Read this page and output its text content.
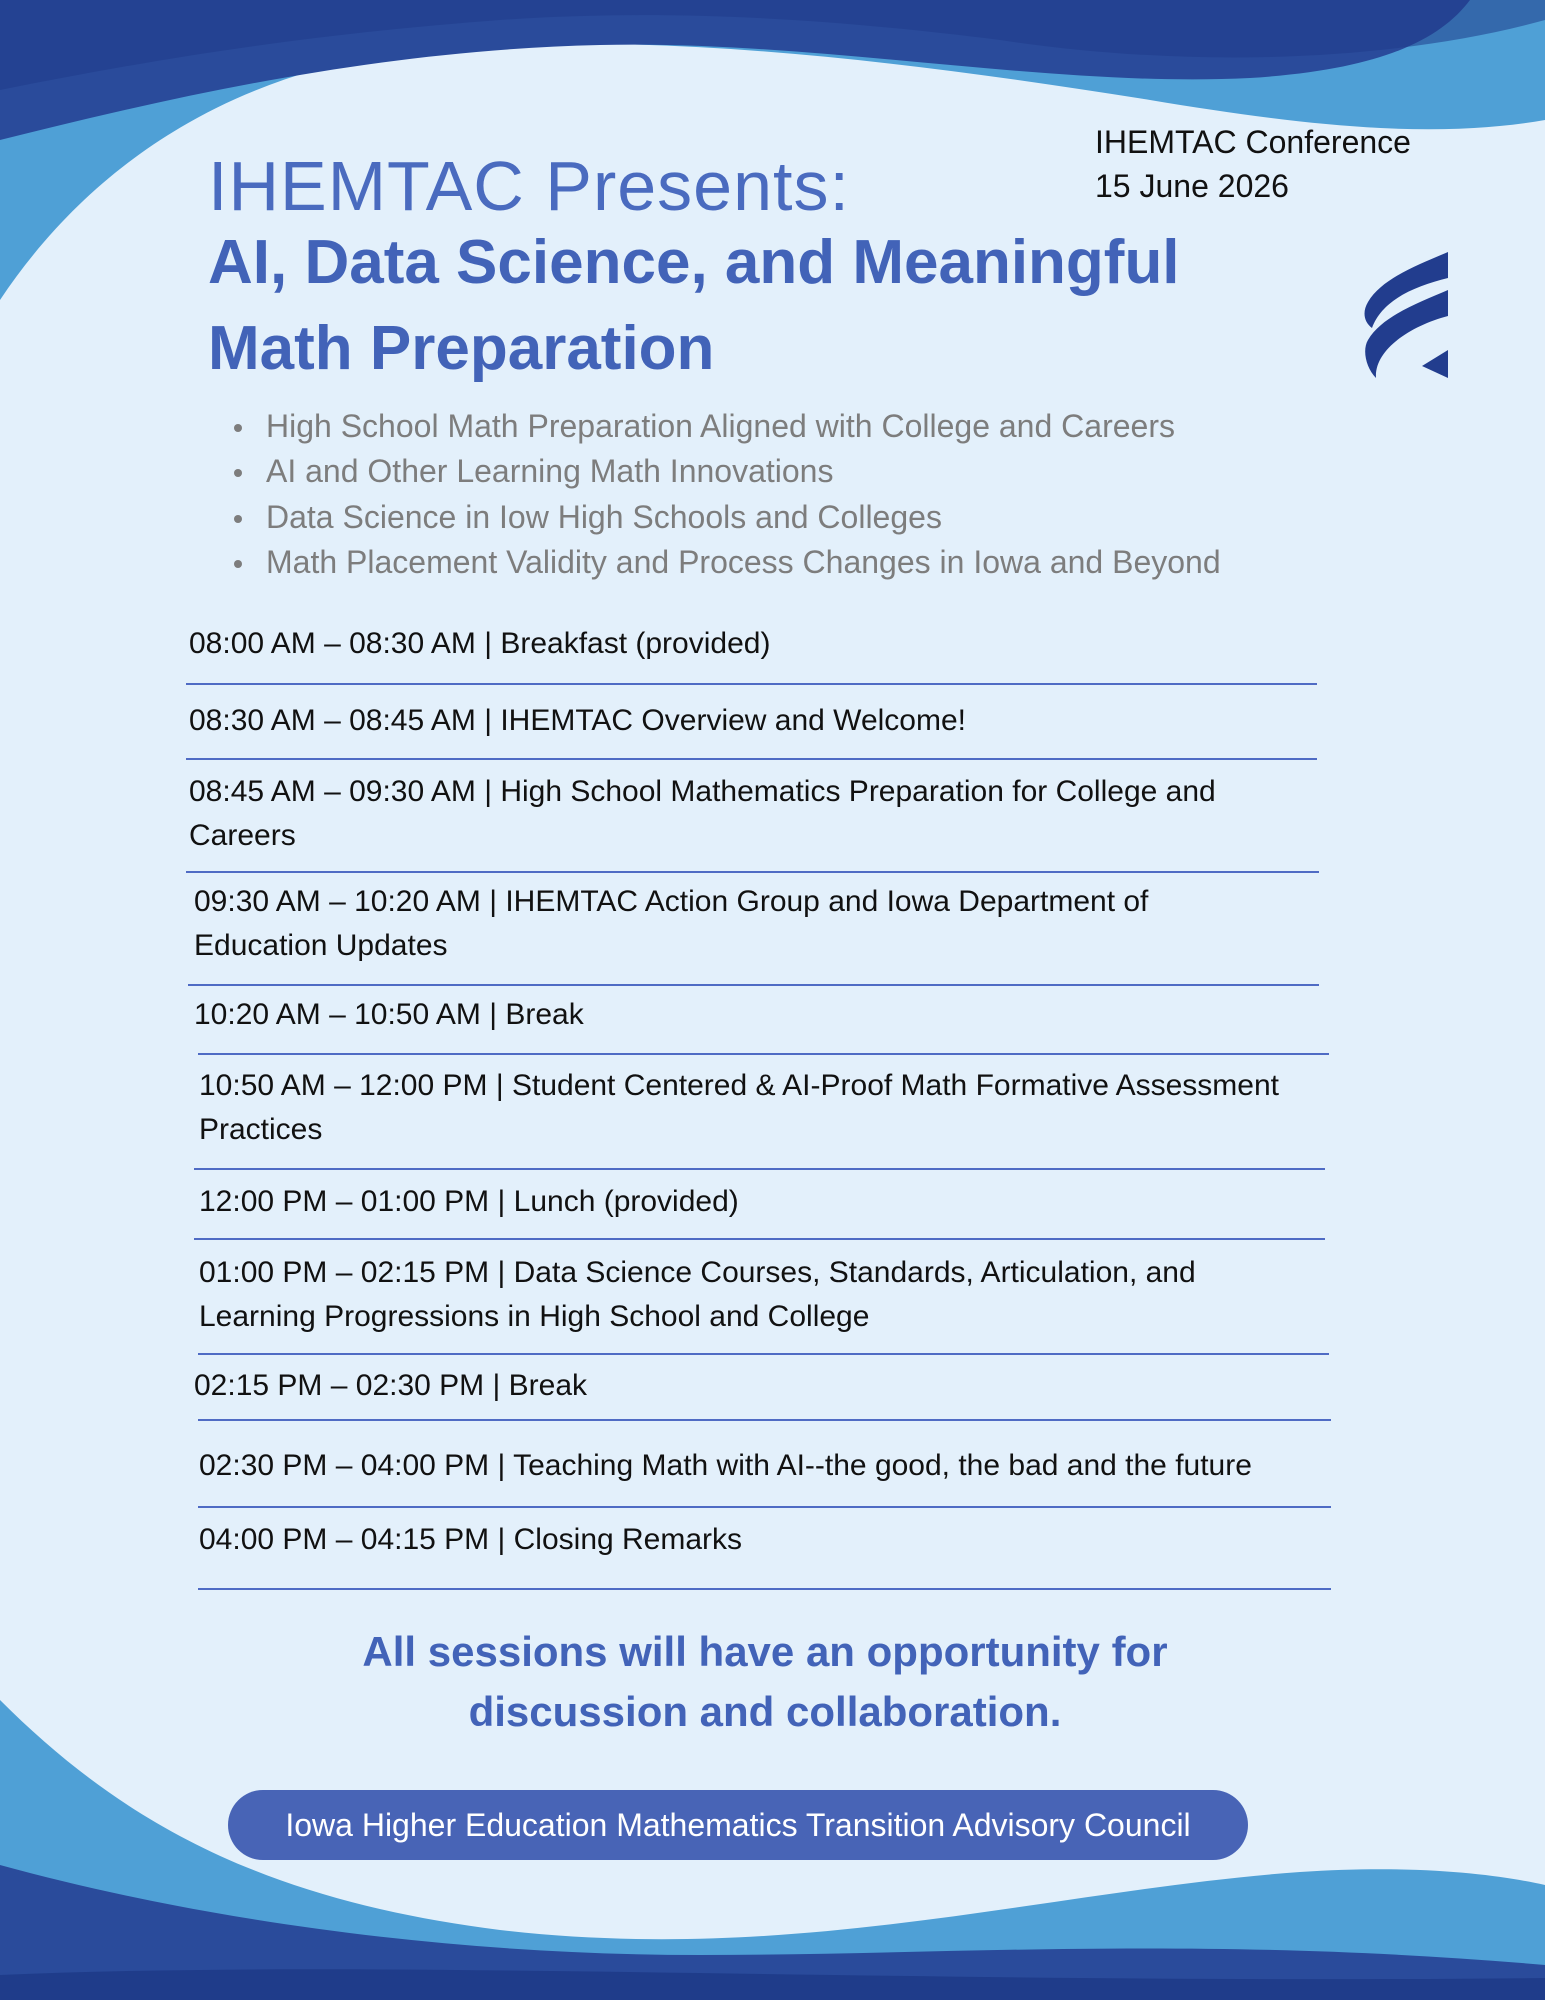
IHEMTAC Conference
15 June 2026
IHEMTAC Presents:
AI, Data Science, and Meaningful
Math Preparation
High School Math Preparation Aligned with College and Careers
AI and Other Learning Math Innovations
Data Science in Iow High Schools and Colleges
Math Placement Validity and Process Changes in Iowa and Beyond
08:00 AM – 08:30 AM | Breakfast (provided)
08:30 AM – 08:45 AM | IHEMTAC Overview and Welcome!
08:45 AM – 09:30 AM | High School Mathematics Preparation for College and
Careers
09:30 AM – 10:20 AM | IHEMTAC Action Group and Iowa Department of
Education Updates
10:20 AM – 10:50 AM | Break
10:50 AM – 12:00 PM | Student Centered & AI-Proof Math Formative Assessment
Practices
12:00 PM – 01:00 PM | Lunch (provided)
01:00 PM – 02:15 PM | Data Science Courses, Standards, Articulation, and
Learning Progressions in High School and College
02:15 PM – 02:30 PM | Break
02:30 PM – 04:00 PM | Teaching Math with AI--the good, the bad and the future
04:00 PM – 04:15 PM | Closing Remarks
All sessions will have an opportunity for
discussion and collaboration.
Iowa Higher Education Mathematics Transition Advisory Council
